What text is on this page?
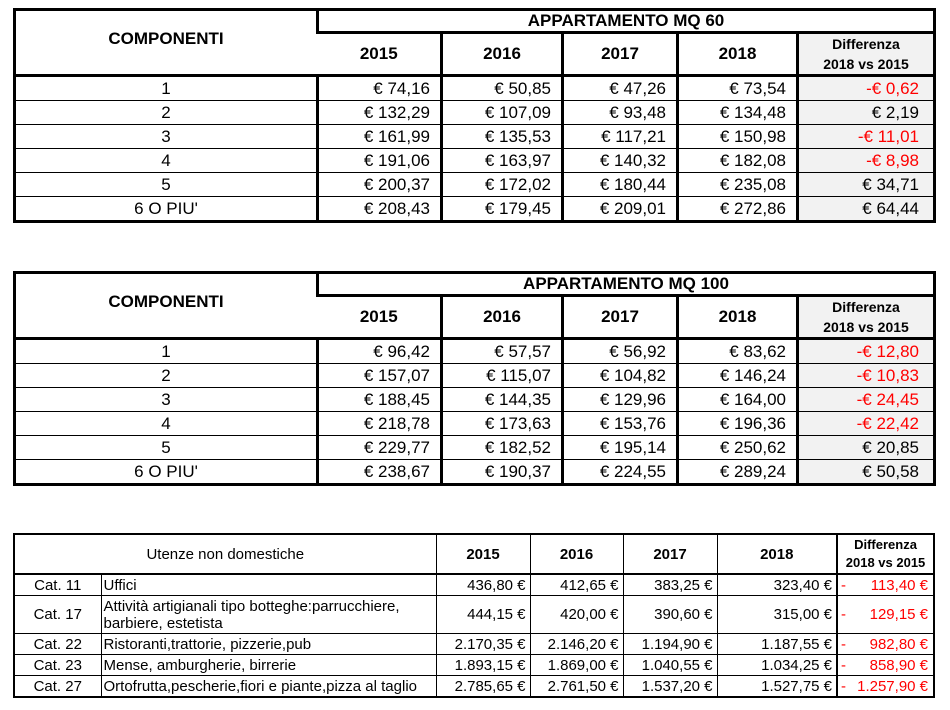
COMPONENTI	APPARTAMENTO MQ 60				
	2015	2016	2017	2018	Differenza
2018 vs 2015

1	€ 74,16	€ 50,85	€ 47,26	€ 73,54	-€ 0,62
2	€ 132,29	€ 107,09	€ 93,48	€ 134,48	€ 2,19
3	€ 161,99	€ 135,53	€ 117,21	€ 150,98	-€ 11,01
4	€ 191,06	€ 163,97	€ 140,32	€ 182,08	-€ 8,98
5	€ 200,37	€ 172,02	€ 180,44	€ 235,08	€ 34,71
6 O PIU'	€ 208,43	€ 179,45	€ 209,01	€ 272,86	€ 64,44
COMPONENTI	APPARTAMENTO MQ 100				
	2015	2016	2017	2018	Differenza
2018 vs 2015

1	€ 96,42	€ 57,57	€ 56,92	€ 83,62	-€ 12,80
2	€ 157,07	€ 115,07	€ 104,82	€ 146,24	-€ 10,83
3	€ 188,45	€ 144,35	€ 129,96	€ 164,00	-€ 24,45
4	€ 218,78	€ 173,63	€ 153,76	€ 196,36	-€ 22,42
5	€ 229,77	€ 182,52	€ 195,14	€ 250,62	€ 20,85
6 O PIU'	€ 238,67	€ 190,37	€ 224,55	€ 289,24	€ 50,58
Utenze non domestiche		2015	2016	2017	2018	Differenza
2018 vs 2015

Cat. 11	Uffici	436,80 €	412,65 €	383,25 €	323,40 €	- 113,40 €

Cat. 17	Attività artigianali tipo botteghe:parrucchiere, barbiere, estetista	444,15 €	420,00 €	390,60 €	315,00 €	- 129,15 €

Cat. 22	Ristoranti,trattorie, pizzerie,pub	2.170,35 €	2.146,20 €	1.194,90 €	1.187,55 €	- 982,80 €

Cat. 23	Mense, amburgherie, birrerie	1.893,15 €	1.869,00 €	1.040,55 €	1.034,25 €	- 858,90 €

Cat. 27	Ortofrutta,pescherie,fiori e piante,pizza al taglio	2.785,65 €	2.761,50 €	1.537,20 €	1.527,75 €	- 1.257,90 €
